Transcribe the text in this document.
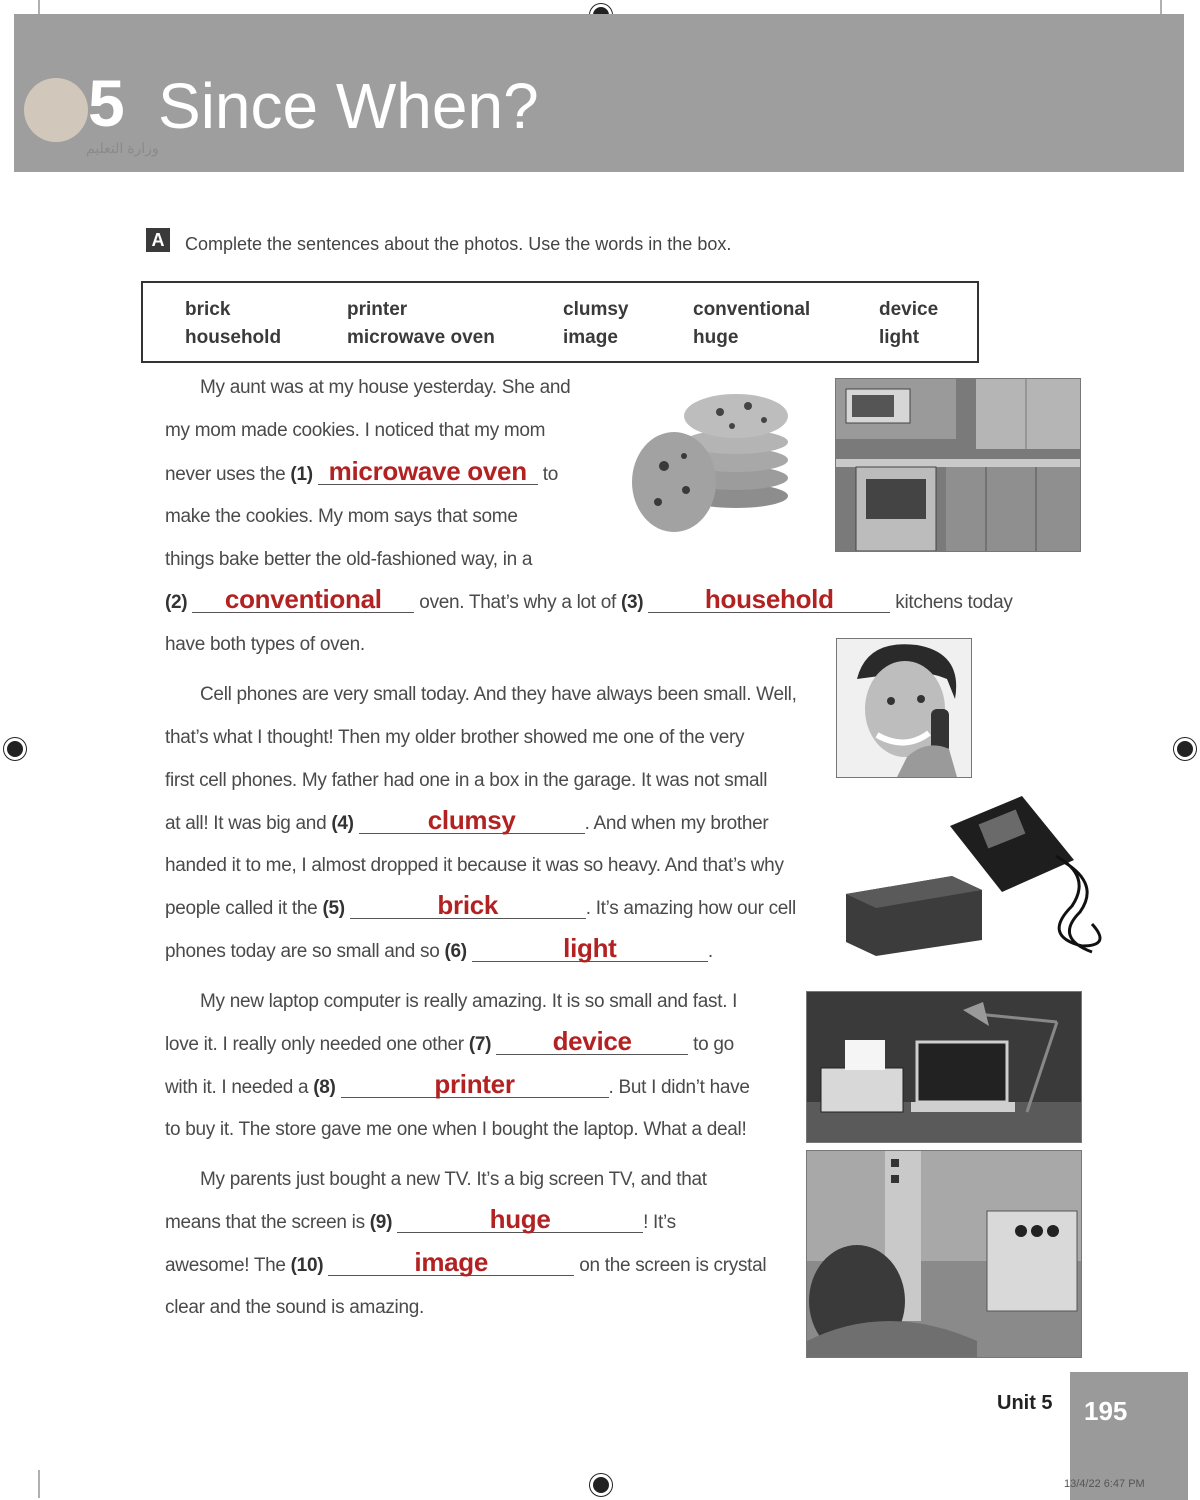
5 Since When?
وزارة التعليم
A	Complete the sentences about the photos. Use the words in the box.
brick	printer	clumsy	conventional	device
household	microwave oven	image	huge	light
My aunt was at my house yesterday. She and
my mom made cookies. I noticed that my mom
never uses the (1) microwave oven to
make the cookies. My mom says that some
things bake better the old-fashioned way, in a
(2) conventional oven. That’s why a lot of (3) household	kitchens today
have both types of oven.
Cell phones are very small today. And they have always been small. Well,
that’s what I thought! Then my older brother showed me one of the very
first cell phones. My father had one in a box in the garage. It was not small
at all! It was big and (4)	clumsy	. And when my brother
handed it to me, I almost dropped it because it was so heavy. And that’s why
people called it the (5)	brick	. It’s amazing how our cell
phones today are so small and so (6)	light	.
My new laptop computer is really amazing. It is so small and fast. I
love it. I really only needed one other (7) device	to go
with it. I needed a (8)	printer	. But I didn’t have
to buy it. The store gave me one when I bought the laptop. What a deal!
My parents just bought a new TV. It’s a big screen TV, and that
means that the screen is (9)	huge	! It’s
awesome! The (10)	image	on the screen is crystal
clear and the sound is amazing.
Unit 5 195
13/4/22 6:47 PM
